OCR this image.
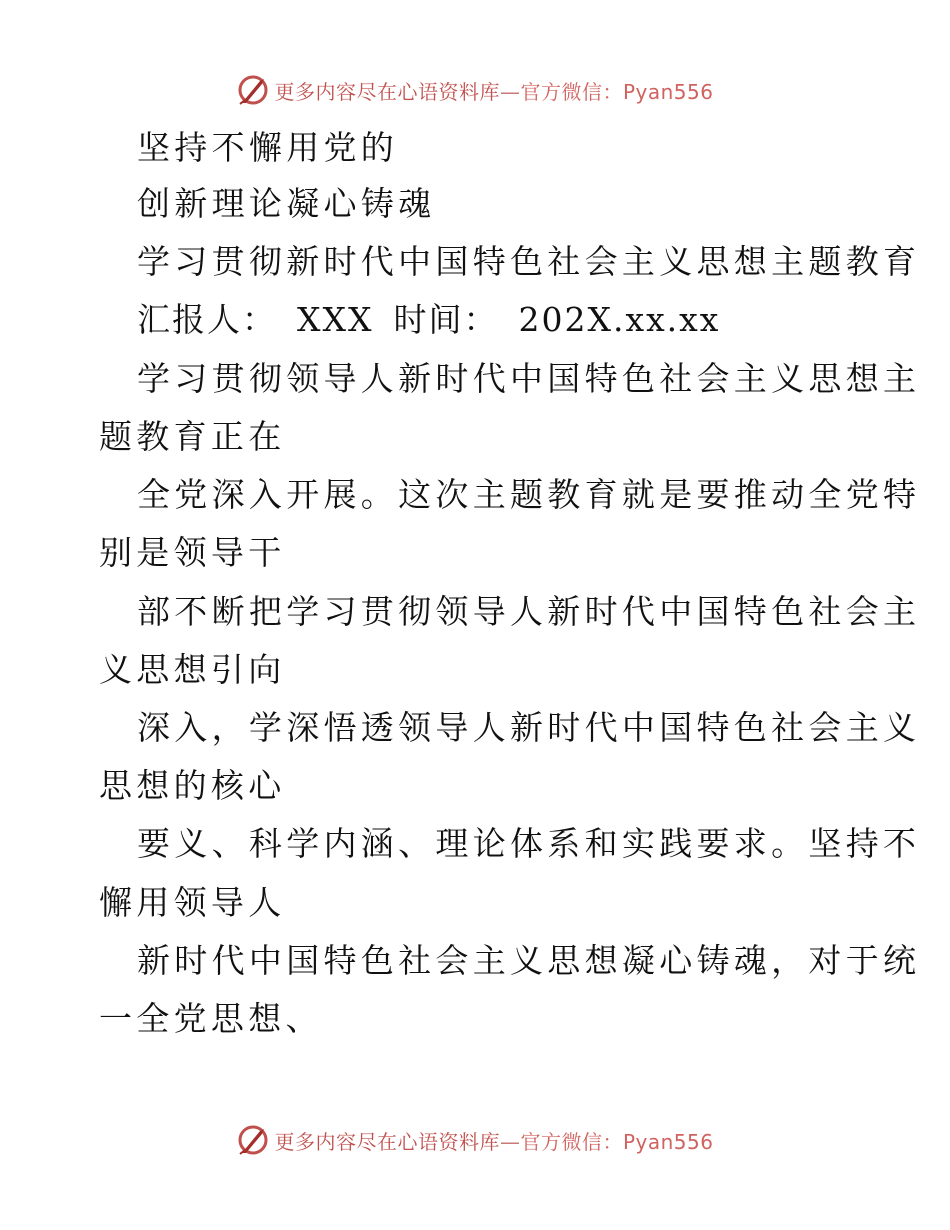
更多内容尽在心语资料库—官方微信：Pyan556
坚持不懈用党的
创新理论凝心铸魂
学习贯彻新时代中国特色社会主义思想主题教育
汇报人： XXX 时间： 202X.xx.xx
学习贯彻领导人新时代中国特色社会主义思想主
题教育正在
全党深入开展。这次主题教育就是要推动全党特
别是领导干
部不断把学习贯彻领导人新时代中国特色社会主
义思想引向
深入，学深悟透领导人新时代中国特色社会主义
思想的核心
要义、科学内涵、理论体系和实践要求。坚持不
懈用领导人
新时代中国特色社会主义思想凝心铸魂，对于统
一全党思想、
更多内容尽在心语资料库—官方微信：Pyan556
